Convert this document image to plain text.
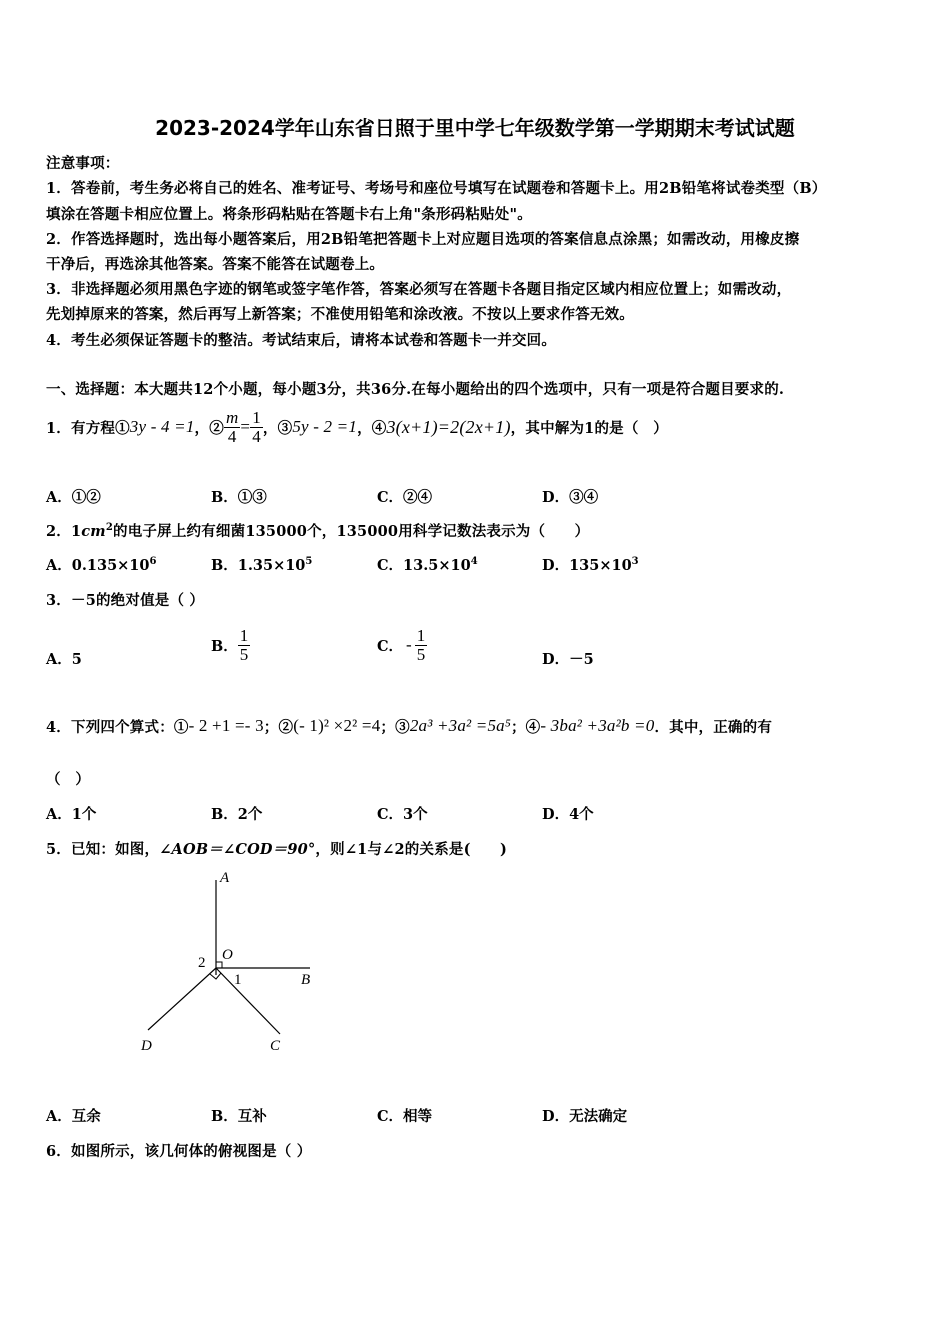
2023-2024学年山东省日照于里中学七年级数学第一学期期末考试试题
注意事项：
1．答卷前，考生务必将自己的姓名、准考证号、考场号和座位号填写在试题卷和答题卡上。用2B铅笔将试卷类型（B）
填涂在答题卡相应位置上。将条形码粘贴在答题卡右上角"条形码粘贴处"。
2．作答选择题时，选出每小题答案后，用2B铅笔把答题卡上对应题目选项的答案信息点涂黑；如需改动，用橡皮擦
干净后，再选涂其他答案。答案不能答在试题卷上。
3．非选择题必须用黑色字迹的钢笔或签字笔作答，答案必须写在答题卡各题目指定区域内相应位置上；如需改动，
先划掉原来的答案，然后再写上新答案；不准使用铅笔和涂改液。不按以上要求作答无效。
4．考生必须保证答题卡的整洁。考试结束后，请将本试卷和答题卡一并交回。
一、选择题：本大题共12个小题，每小题3分，共36分.在每小题给出的四个选项中，只有一项是符合题目要求的.
1．有方程① 3y - 4 =1 ，② $\frac{m}{4} = \frac{1}{4}$ ，③ 5y - 2 =1 ，④ 3(x+1)=2(2x+1) ，其中解为1的是（　）
A．①②	B．①③	C．②④	D．③④
2．$1cm^2$的电子屏上约有细菌135000个，135000用科学记数法表示为（　　）
A．$0.135\times 10^6$	B．$1.35\times 10^5$	C．$13.5\times 10^4$	D．$135\times 10^3$
3．－5的绝对值是（ ）
A．5
B． $\frac{1}{5}$	C． - $\frac{1}{5}$	D．－5
4．下列四个算式：① - 2 +1 =- 3 ；② (- 1)² ×2² =4 ；③ 2a³ +3a² =5a⁵ ；④ - 3ba² +3a²b =0 ．其中，正确的有
（　）
A．1个	B．2个	C．3个	D．4个
5．已知：如图，∠AOB＝∠COD＝90°，则∠1与∠2的关系是(　　)
A
B
C
D
O
1
2
A．互余	B．互补	C．相等	D．无法确定
6．如图所示，该几何体的俯视图是（ ）
